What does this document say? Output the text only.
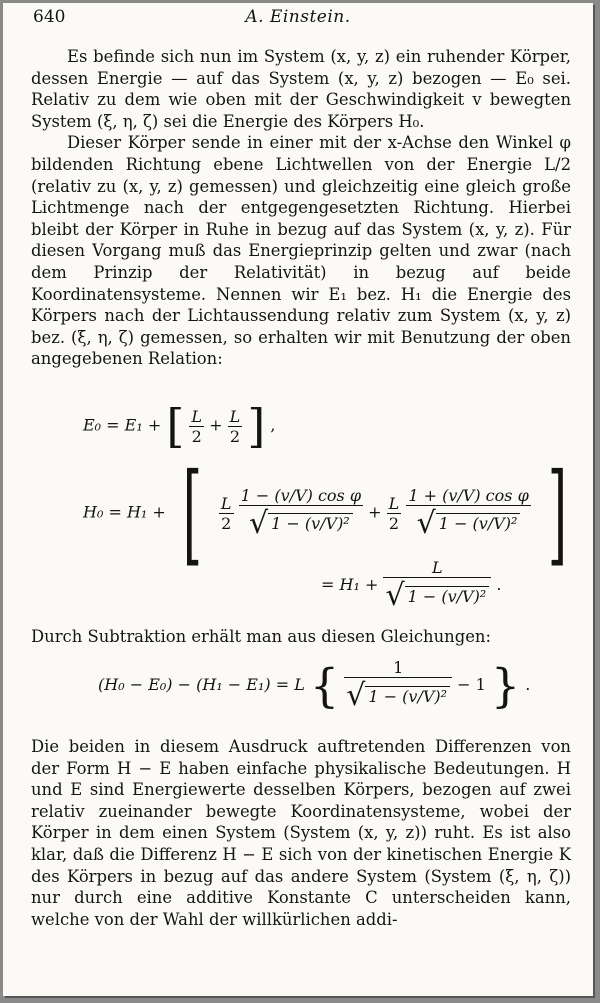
640	A. Einstein.

Es befinde sich nun im System (x, y, z) ein ruhender Körper, dessen Energie — auf das System (x, y, z) bezogen — E₀ sei. Relativ zu dem wie oben mit der Geschwindigkeit v bewegten System (ξ, η, ζ) sei die Energie des Körpers H₀.

Dieser Körper sende in einer mit der x-Achse den Winkel φ bildenden Richtung ebene Lichtwellen von der Energie L/2 (relativ zu (x, y, z) gemessen) und gleichzeitig eine gleich große Lichtmenge nach der entgegengesetzten Richtung. Hierbei bleibt der Körper in Ruhe in bezug auf das System (x, y, z). Für diesen Vorgang muß das Energieprinzip gelten und zwar (nach dem Prinzip der Relativität) in bezug auf beide Koordinatensysteme. Nennen wir E₁ bez. H₁ die Energie des Körpers nach der Lichtaussendung relativ zum System (x, y, z) bez. (ξ, η, ζ) gemessen, so erhalten wir mit Benutzung der oben angegebenen Relation:

E₀ = E₁ + [ $\frac{L}{2} + \frac{L}{2}$ ] ,
H₀ = H₁ + [ $\frac{L}{2}$
$\frac{\text{1 − (v/V) cos φ}}{\text{√ 1 − (v/V)²}} + \frac{L}{2}$
$\frac{\text{1 + (v/V) cos φ}}{\text{√ 1 − (v/V)²}}$ ]
= $H_1 + \frac{L}{\text{√ 1 − (v/V)²}}$ .
Durch Subtraktion erhält man aus diesen Gleichungen:
(H₀ − E₀) − (H₁ − E₁) = L { $\frac{1}{\text{√ 1 − (v/V)²}} - 1$ } .

Die beiden in diesem Ausdruck auftretenden Differenzen von der Form H − E haben einfache physikalische Bedeutungen. H und E sind Energiewerte desselben Körpers, bezogen auf zwei relativ zueinander bewegte Koordinatensysteme, wobei der Körper in dem einen System (System (x, y, z)) ruht. Es ist also klar, daß die Differenz H − E sich von der kinetischen Energie K des Körpers in bezug auf das andere System (System (ξ, η, ζ)) nur durch eine additive Konstante C unterscheiden kann, welche von der Wahl der willkürlichen addi-
